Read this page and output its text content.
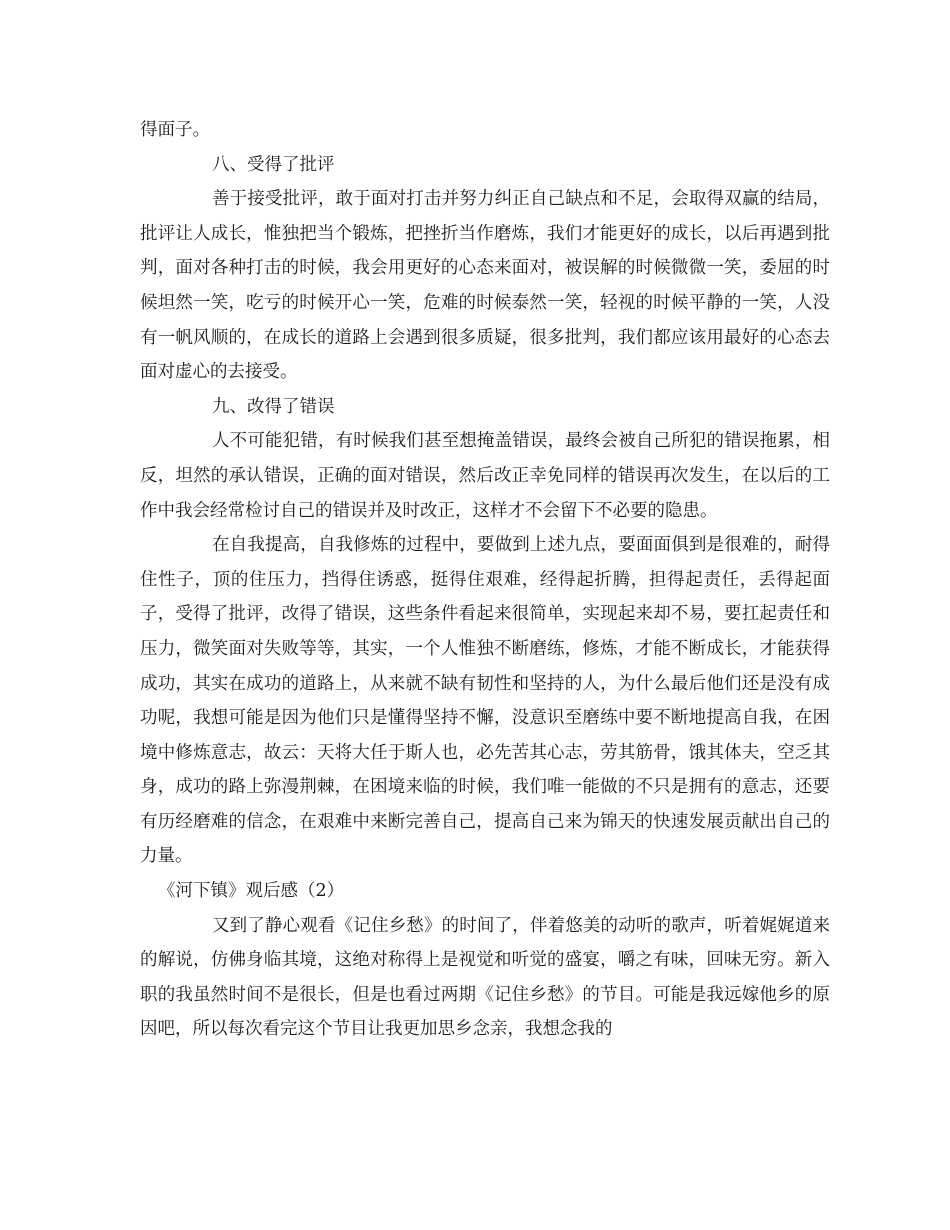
得面子。

八、受得了批评

善于接受批评，敢于面对打击并努力纠正自己缺点和不足，会取得双赢的结局，批评让人成长，惟独把当个锻炼，把挫折当作磨炼，我们才能更好的成长，以后再遇到批判，面对各种打击的时候，我会用更好的心态来面对，被误解的时候微微一笑，委屈的时候坦然一笑，吃亏的时候开心一笑，危难的时候泰然一笑，轻视的时候平静的一笑，人没有一帆风顺的，在成长的道路上会遇到很多质疑，很多批判，我们都应该用最好的心态去面对虚心的去接受。

九、改得了错误

人不可能犯错，有时候我们甚至想掩盖错误，最终会被自己所犯的错误拖累，相反，坦然的承认错误，正确的面对错误，然后改正幸免同样的错误再次发生，在以后的工作中我会经常检讨自己的错误并及时改正，这样才不会留下不必要的隐患。

在自我提高，自我修炼的过程中，要做到上述九点，要面面俱到是很难的，耐得住性子，顶的住压力，挡得住诱惑，挺得住艰难，经得起折腾，担得起责任，丢得起面子，受得了批评，改得了错误，这些条件看起来很简单，实现起来却不易，要扛起责任和压力，微笑面对失败等等，其实，一个人惟独不断磨练，修炼，才能不断成长，才能获得成功，其实在成功的道路上，从来就不缺有韧性和坚持的人，为什么最后他们还是没有成功呢，我想可能是因为他们只是懂得坚持不懈，没意识至磨练中要不断地提高自我，在困境中修炼意志，故云：天将大任于斯人也，必先苦其心志，劳其筋骨，饿其体夫，空乏其身，成功的路上弥漫荆棘，在困境来临的时候，我们唯一能做的不只是拥有的意志，还要有历经磨难的信念，在艰难中来断完善自己，提高自己来为锦天的快速发展贡献出自己的力量。

《河下镇》观后感（2）

又到了静心观看《记住乡愁》的时间了，伴着悠美的动听的歌声，听着娓娓道来的解说，仿佛身临其境，这绝对称得上是视觉和听觉的盛宴，嚼之有味，回味无穷。新入职的我虽然时间不是很长，但是也看过两期《记住乡愁》的节目。可能是我远嫁他乡的原因吧，所以每次看完这个节目让我更加思乡念亲，我想念我的
